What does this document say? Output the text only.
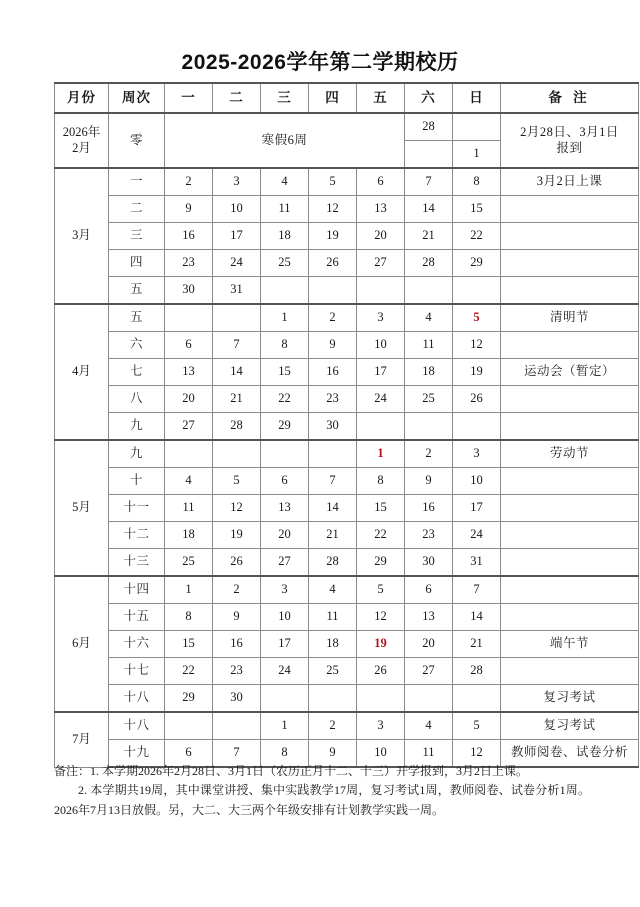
2025-2026学年第二学期校历
月份	周次	一	二	三	四	五	六	日	备 注
2026年
2月	零	寒假6周					28		2月28日、3月1日
报到
								1	
3月	一	2	3	4	5	6	7	8	3月2日上课
	二	9	10	11	12	13	14	15	
	三	16	17	18	19	20	21	22	
	四	23	24	25	26	27	28	29	
	五	30	31						
4月	五			1	2	3	4	5	清明节
	六	6	7	8	9	10	11	12	
	七	13	14	15	16	17	18	19	运动会（暂定）
	八	20	21	22	23	24	25	26	
	九	27	28	29	30				
5月	九					1	2	3	劳动节
	十	4	5	6	7	8	9	10	
	十一	11	12	13	14	15	16	17	
	十二	18	19	20	21	22	23	24	
	十三	25	26	27	28	29	30	31	
6月	十四	1	2	3	4	5	6	7	
	十五	8	9	10	11	12	13	14	
	十六	15	16	17	18	19	20	21	端午节
	十七	22	23	24	25	26	27	28	
	十八	29	30						复习考试
7月	十八			1	2	3	4	5	复习考试
	十九	6	7	8	9	10	11	12	教师阅卷、试卷分析
备注：1. 本学期2026年2月28日、3月1日（农历正月十二、十三）开学报到，3月2日上课。
2. 本学期共19周，其中课堂讲授、集中实践教学17周，复习考试1周，教师阅卷、试卷分析1周。2026年7月13日放假。另，大二、大三两个年级安排有计划教学实践一周。
